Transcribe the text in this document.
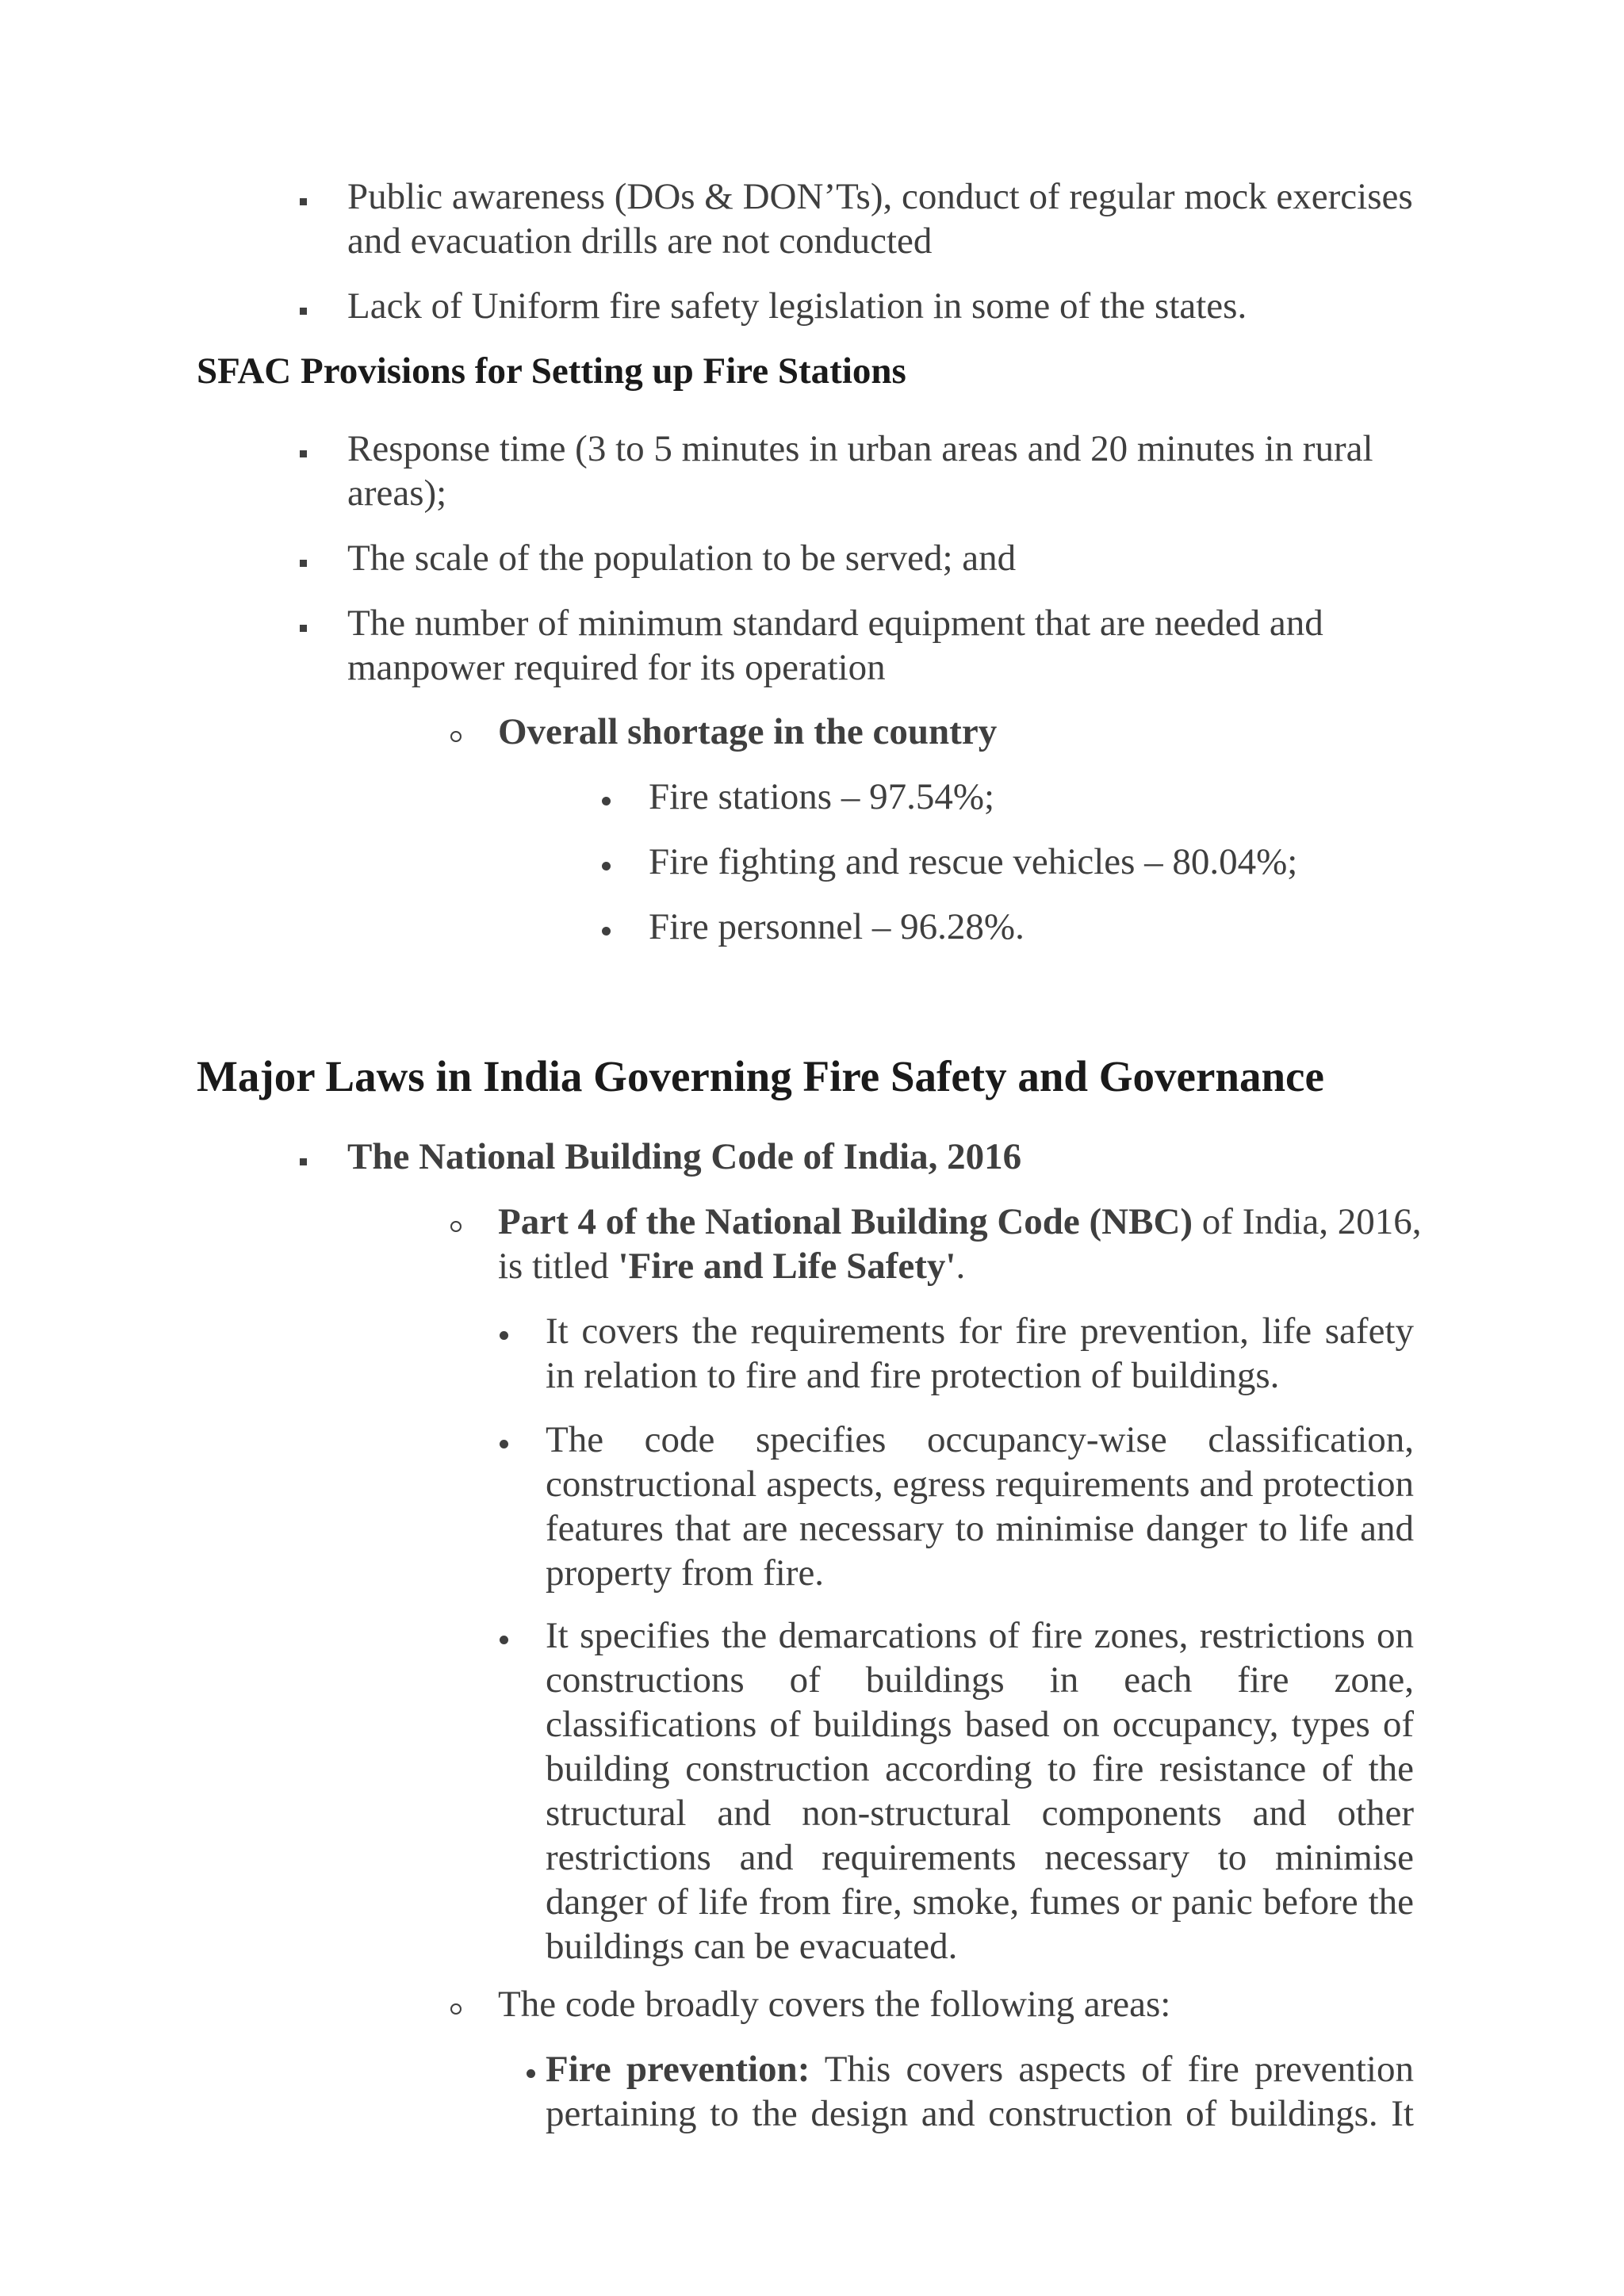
Public awareness (DOs & DON’Ts), conduct of regular mock exercises and evacuation drills are not conducted
Lack of Uniform fire safety legislation in some of the states.
SFAC Provisions for Setting up Fire Stations
Response time (3 to 5 minutes in urban areas and 20 minutes in rural areas);
The scale of the population to be served; and
The number of minimum standard equipment that are needed and manpower required for its operation
Overall shortage in the country
Fire stations – 97.54%;
Fire fighting and rescue vehicles – 80.04%;
Fire personnel – 96.28%.
Major Laws in India Governing Fire Safety and Governance
The National Building Code of India, 2016
Part 4 of the National Building Code (NBC) of India, 2016, is titled 'Fire and Life Safety'.
It covers the requirements for fire prevention, life safety in relation to fire and fire protection of buildings.
The code specifies occupancy-wise classification, constructional aspects, egress requirements and protection features that are necessary to minimise danger to life and property from fire.
It specifies the demarcations of fire zones, restrictions on constructions of buildings in each fire zone, classifications of buildings based on occupancy, types of building construction according to fire resistance of the structural and non-structural components and other restrictions and requirements necessary to minimise danger of life from fire, smoke, fumes or panic before the buildings can be evacuated.
The code broadly covers the following areas:
Fire prevention: This covers aspects of fire prevention pertaining to the design and construction of buildings. It
